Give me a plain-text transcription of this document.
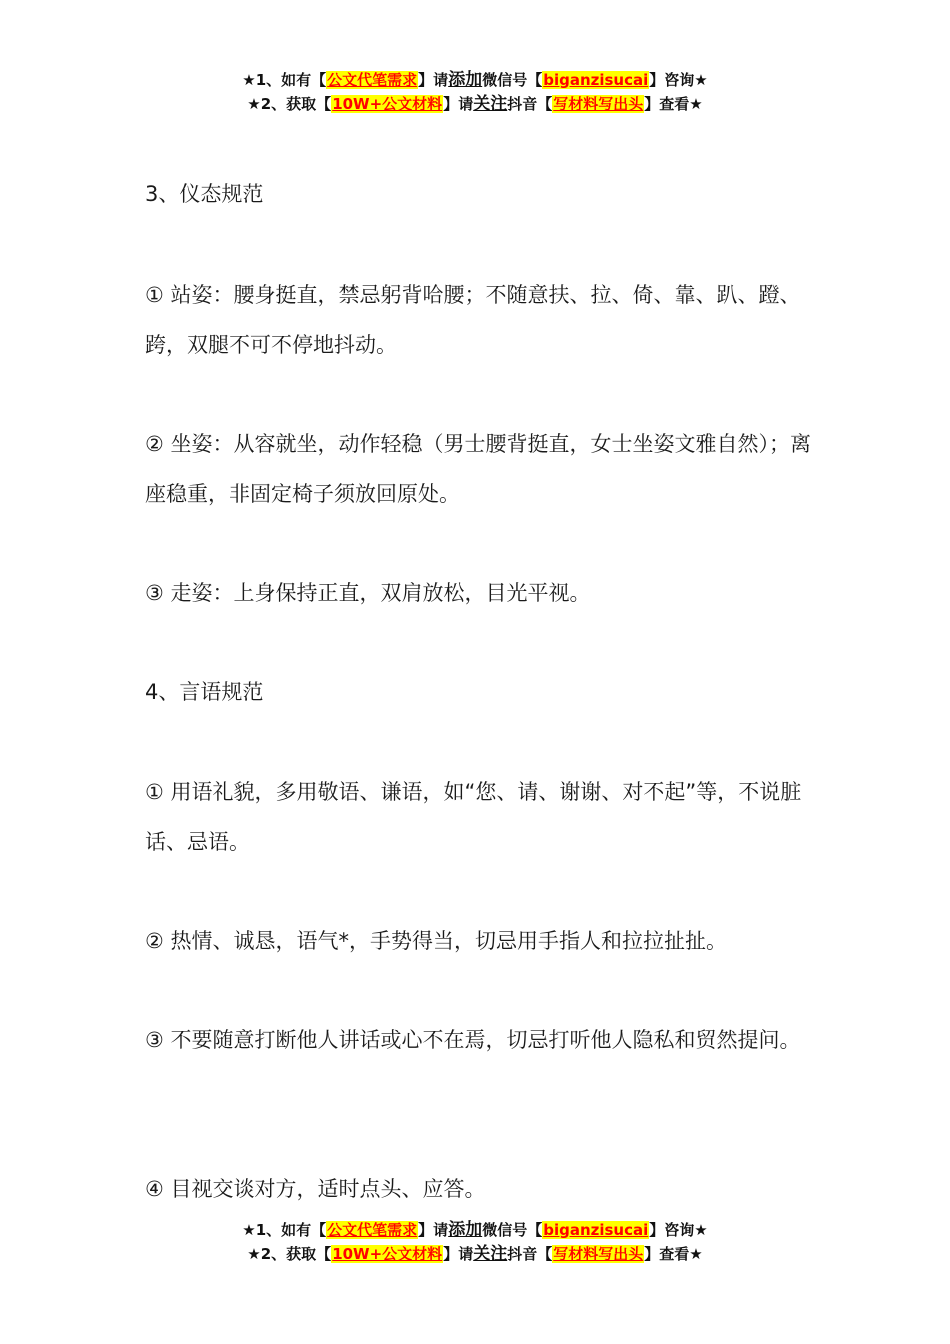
★1、如有【公文代笔需求】请添加微信号【biganzisucai】咨询★
★2、获取【10W+公文材料】请关注抖音【写材料写出头】查看★
3、仪态规范
① 站姿：腰身挺直，禁忌躬背哈腰；不随意扶、拉、倚、靠、趴、蹬、跨，双腿不可不停地抖动。
② 坐姿：从容就坐，动作轻稳（男士腰背挺直，女士坐姿文雅自然）；离座稳重，非固定椅子须放回原处。
③ 走姿：上身保持正直，双肩放松，目光平视。
4、言语规范
① 用语礼貌，多用敬语、谦语，如“您、请、谢谢、对不起”等，不说脏话、忌语。
② 热情、诚恳，语气*，手势得当，切忌用手指人和拉拉扯扯。
③ 不要随意打断他人讲话或心不在焉，切忌打听他人隐私和贸然提问。
④ 目视交谈对方，适时点头、应答。
★1、如有【公文代笔需求】请添加微信号【biganzisucai】咨询★
★2、获取【10W+公文材料】请关注抖音【写材料写出头】查看★
